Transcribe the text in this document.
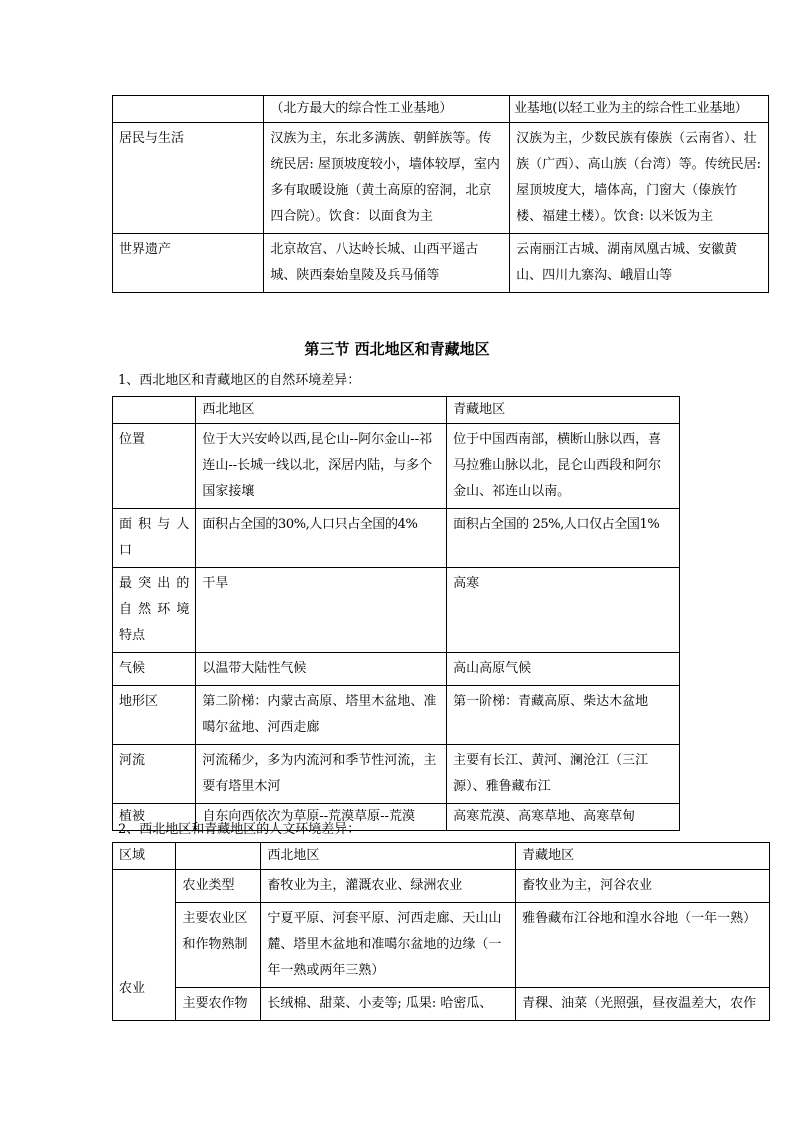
	（北方最大的综合性工业基地）	业基地(以轻工业为主的综合性工业基地）
居民与生活	汉族为主，东北多满族、朝鲜族等。传统民居: 屋顶坡度较小，墙体较厚，室内多有取暖设施（黄土高原的窑洞，北京四合院）。饮食：以面食为主	汉族为主，少数民族有傣族（云南省）、壮族（广西）、高山族（台湾）等。传统民居: 屋顶坡度大，墙体高，门窗大（傣族竹楼、福建土楼）。饮食: 以米饭为主
世界遗产	北京故宫、八达岭长城、山西平遥古城、陕西秦始皇陵及兵马俑等	云南丽江古城、湖南凤凰古城、安徽黄山、四川九寨沟、峨眉山等
第三节 西北地区和青藏地区
1、西北地区和青藏地区的自然环境差异：
	西北地区	青藏地区
位置	位于大兴安岭以西,昆仑山--阿尔金山--祁连山--长城一线以北，深居内陆，与多个国家接壤	位于中国西南部，横断山脉以西，喜马拉雅山脉以北，昆仑山西段和阿尔金山、祁连山以南。
面 积 与 人 口	面积占全国的30%,人口只占全国的4%	面积占全国的 25%,人口仅占全国1%
最 突 出 的 自 然 环 境 特点	干旱	高寒
气候	以温带大陆性气候	高山高原气候
地形区	第二阶梯：内蒙古高原、塔里木盆地、准噶尔盆地、河西走廊	第一阶梯：青藏高原、柴达木盆地
河流	河流稀少，多为内流河和季节性河流，主要有塔里木河	主要有长江、黄河、澜沧江（三江源）、雅鲁藏布江
植被	自东向西依次为草原--荒漠草原--荒漠	高寒荒漠、高寒草地、高寒草甸
2、西北地区和青藏地区的人文环境差异：
区域		西北地区	青藏地区
农业	农业类型	畜牧业为主，灌溉农业、绿洲农业	畜牧业为主，河谷农业
	主要农业区和作物熟制	宁夏平原、河套平原、河西走廊、天山山麓、塔里木盆地和准噶尔盆地的边缘（一年一熟或两年三熟）	雅鲁藏布江谷地和湟水谷地（一年一熟）
	主要农作物	长绒棉、甜菜、小麦等; 瓜果: 哈密瓜、	青稞、油菜（光照强，昼夜温差大，农作
